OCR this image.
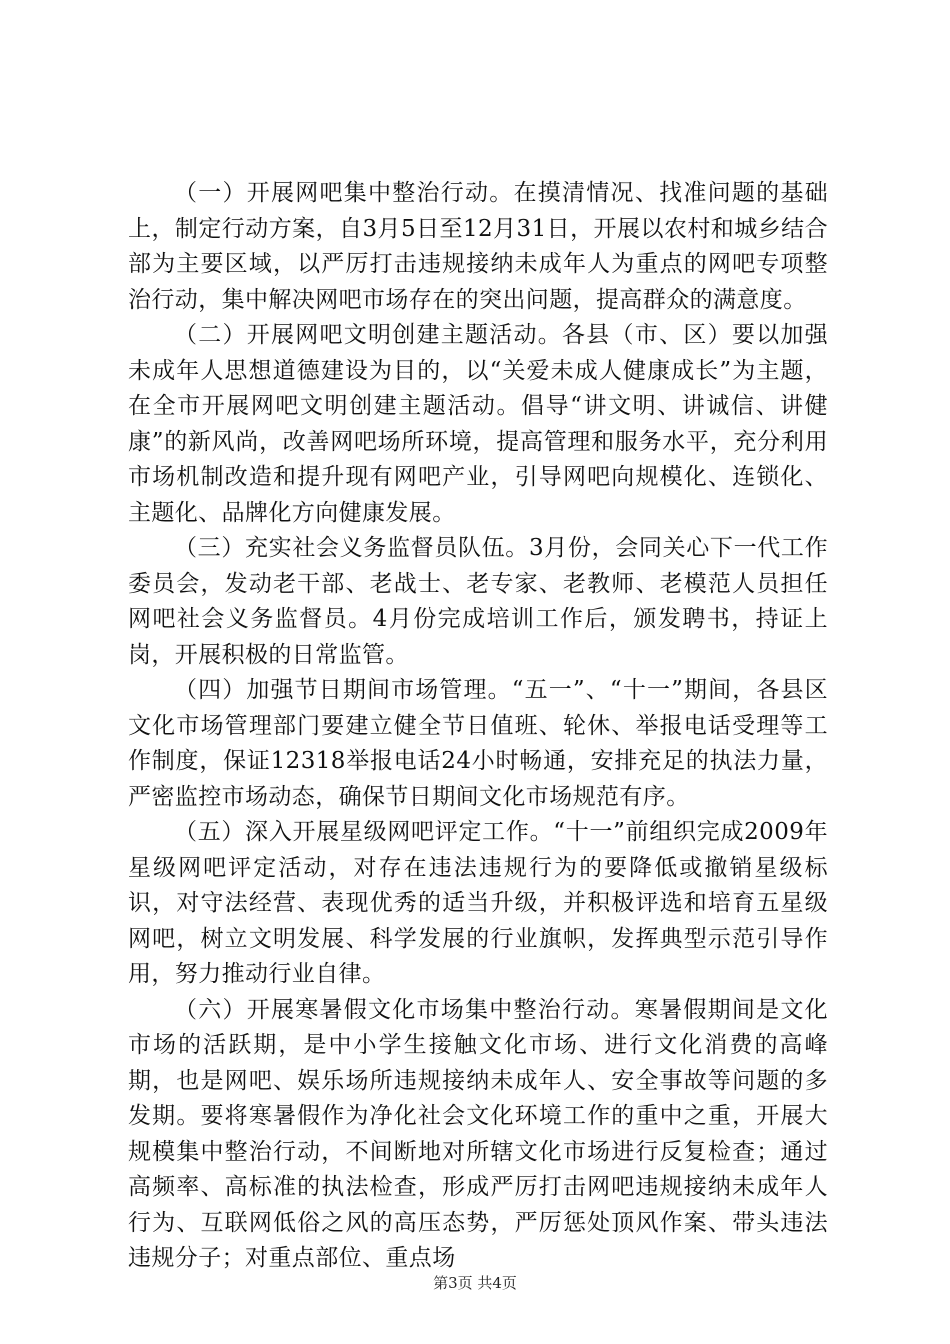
（一）开展网吧集中整治行动。在摸清情况、找准问题的基础上，制定行动方案，自3月5日至12月31日，开展以农村和城乡结合部为主要区域，以严厉打击违规接纳未成年人为重点的网吧专项整治行动，集中解决网吧市场存在的突出问题，提高群众的满意度。

（二）开展网吧文明创建主题活动。各县（市、区）要以加强未成年人思想道德建设为目的，以“关爱未成人健康成长”为主题，在全市开展网吧文明创建主题活动。倡导“讲文明、讲诚信、讲健康”的新风尚，改善网吧场所环境，提高管理和服务水平，充分利用市场机制改造和提升现有网吧产业，引导网吧向规模化、连锁化、主题化、品牌化方向健康发展。

（三）充实社会义务监督员队伍。3月份，会同关心下一代工作委员会，发动老干部、老战士、老专家、老教师、老模范人员担任网吧社会义务监督员。4月份完成培训工作后，颁发聘书，持证上岗，开展积极的日常监管。

（四）加强节日期间市场管理。“五一”、“十一”期间，各县区文化市场管理部门要建立健全节日值班、轮休、举报电话受理等工作制度，保证12318举报电话24小时畅通，安排充足的执法力量，严密监控市场动态，确保节日期间文化市场规范有序。

（五）深入开展星级网吧评定工作。“十一”前组织完成2009年星级网吧评定活动，对存在违法违规行为的要降低或撤销星级标识，对守法经营、表现优秀的适当升级，并积极评选和培育五星级网吧，树立文明发展、科学发展的行业旗帜，发挥典型示范引导作用，努力推动行业自律。

（六）开展寒暑假文化市场集中整治行动。寒暑假期间是文化市场的活跃期，是中小学生接触文化市场、进行文化消费的高峰期，也是网吧、娱乐场所违规接纳未成年人、安全事故等问题的多发期。要将寒暑假作为净化社会文化环境工作的重中之重，开展大规模集中整治行动，不间断地对所辖文化市场进行反复检查；通过高频率、高标准的执法检查，形成严厉打击网吧违规接纳未成年人行为、互联网低俗之风的高压态势，严厉惩处顶风作案、带头违法违规分子；对重点部位、重点场

第3页 共4页
